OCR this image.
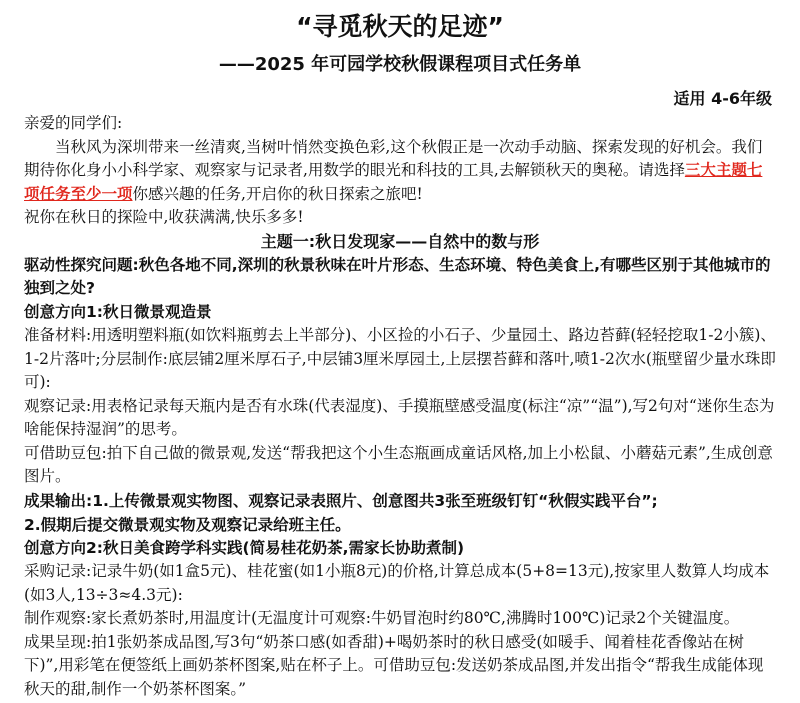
“寻觅秋天的足迹”
——2025 年可园学校秋假课程项目式任务单
适用 4-6年级

亲爱的同学们:

当秋风为深圳带来一丝清爽,当树叶悄然变换色彩,这个秋假正是一次动手动脑、探索发现的好机会。我们期待你化身小小科学家、观察家与记录者,用数学的眼光和科技的工具,去解锁秋天的奥秘。请选择三大主题七项任务至少一项你感兴趣的任务,开启你的秋日探索之旅吧!

祝你在秋日的探险中,收获满满,快乐多多!

主题一:秋日发现家——自然中的数与形

驱动性探究问题:秋色各地不同,深圳的秋景秋味在叶片形态、生态环境、特色美食上,有哪些区别于其他城市的独到之处?

创意方向1:秋日微景观造景

准备材料:用透明塑料瓶(如饮料瓶剪去上半部分)、小区捡的小石子、少量园土、路边苔藓(轻轻挖取1-2小簇)、1-2片落叶;分层制作:底层铺2厘米厚石子,中层铺3厘米厚园土,上层摆苔藓和落叶,喷1-2次水(瓶壁留少量水珠即可):

观察记录:用表格记录每天瓶内是否有水珠(代表湿度)、手摸瓶壁感受温度(标注“凉”“温”),写2句对“迷你生态为啥能保持湿润”的思考。

可借助豆包:拍下自己做的微景观,发送“帮我把这个小生态瓶画成童话风格,加上小松鼠、小蘑菇元素”,生成创意图片。

成果输出:1.上传微景观实物图、观察记录表照片、创意图共3张至班级钉钉“秋假实践平台”;

2.假期后提交微景观实物及观察记录给班主任。

创意方向2:秋日美食跨学科实践(简易桂花奶茶,需家长协助煮制)

采购记录:记录牛奶(如1盒5元)、桂花蜜(如1小瓶8元)的价格,计算总成本(5+8=13元),按家里人数算人均成本(如3人,13÷3≈4.3元):

制作观察:家长煮奶茶时,用温度计(无温度计可观察:牛奶冒泡时约80℃,沸腾时100℃)记录2个关键温度。

成果呈现:拍1张奶茶成品图,写3句“奶茶口感(如香甜)+喝奶茶时的秋日感受(如暖手、闻着桂花香像站在树下)”,用彩笔在便签纸上画奶茶杯图案,贴在杯子上。可借助豆包:发送奶茶成品图,并发出指令“帮我生成能体现秋天的甜,制作一个奶茶杯图案。”
